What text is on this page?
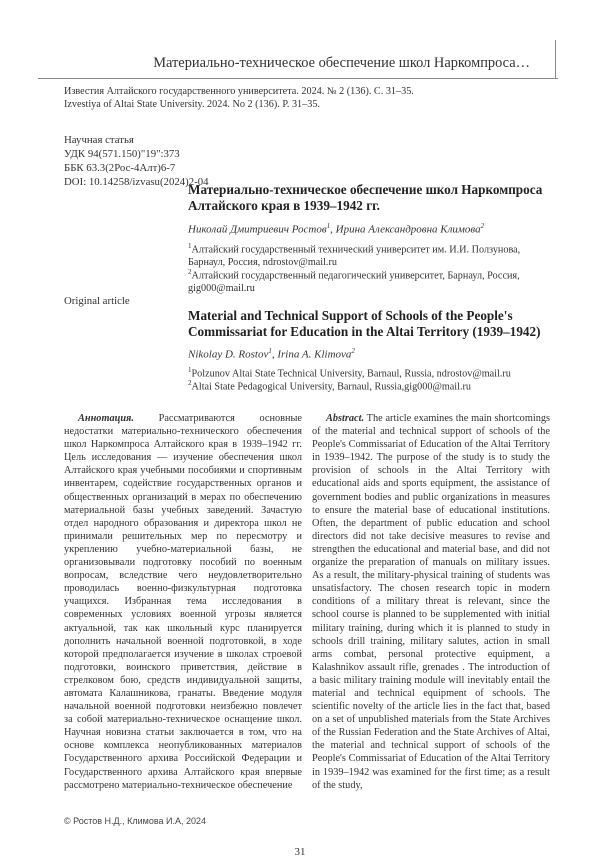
Материально-техническое обеспечение школ Наркомпроса…
Известия Алтайского государственного университета. 2024. № 2 (136). С. 31–35.
Izvestiya of Altai State University. 2024. No 2 (136). P. 31–35.
Научная статья
УДК 94(571.150)"19":373
ББК 63.3(2Рос-4Алт)6-7
DOI: 10.14258/izvasu(2024)2-04
Материально-техническое обеспечение школ Наркомпроса Алтайского края в 1939–1942 гг.
Николай Дмитриевич Ростов$^1$, Ирина Александровна Климова$^2$
$^1$Алтайский государственный технический университет им. И.И. Ползунова, Барнаул, Россия, ndrostov@mail.ru
$^2$Алтайский государственный педагогический университет, Барнаул, Россия, gig000@mail.ru
Original article
Material and Technical Support of Schools of the People's Commissariat for Education in the Altai Territory (1939–1942)
Nikolay D. Rostov$^1$, Irina A. Klimova$^2$
$^1$Polzunov Altai State Technical University, Barnaul, Russia, ndrostov@mail.ru
$^2$Altai State Pedagogical University, Barnaul, Russia,gig000@mail.ru
Аннотация. Рассматриваются основные недостатки материально-технического обеспечения школ Наркомпроса Алтайского края в 1939–1942 гг. Цель исследования — изучение обеспечения школ Алтайского края учебными пособиями и спортивным инвентарем, содействие государственных органов и общественных организаций в мерах по обеспечению материальной базы учебных заведений. Зачастую отдел народного образования и директора школ не принимали решительных мер по пересмотру и укреплению учебно-материальной базы, не организовывали подготовку пособий по военным вопросам, вследствие чего неудовлетворительно проводилась военно-физкультурная подготовка учащихся. Избранная тема исследования в современных условиях военной угрозы является актуальной, так как школьный курс планируется дополнить начальной военной подготовкой, в ходе которой предполагается изучение в школах строевой подготовки, воинского приветствия, действие в стрелковом бою, средств индивидуальной защиты, автомата Калашникова, гранаты. Введение модуля начальной военной подготовки неизбежно повлечет за собой материально-техническое оснащение школ. Научная новизна статьи заключается в том, что на основе комплекса неопубликованных материалов Государственного архива Российской Федерации и Государственного архива Алтайского края впервые рассмотрено материально-техническое обеспечение
Abstract. The article examines the main shortcomings of the material and technical support of schools of the People's Commissariat of Education of the Altai Territory in 1939–1942. The purpose of the study is to study the provision of schools in the Altai Territory with educational aids and sports equipment, the assistance of government bodies and public organizations in measures to ensure the material base of educational institutions. Often, the department of public education and school directors did not take decisive measures to revise and strengthen the educational and material base, and did not organize the preparation of manuals on military issues. As a result, the military-physical training of students was unsatisfactory. The chosen research topic in modern conditions of a military threat is relevant, since the school course is planned to be supplemented with initial military training, during which it is planned to study in schools drill training, military salutes, action in small arms combat, personal protective equipment, a Kalashnikov assault rifle, grenades . The introduction of a basic military training module will inevitably entail the material and technical equipment of schools. The scientific novelty of the article lies in the fact that, based on a set of unpublished materials from the State Archives of the Russian Federation and the State Archives of Altai, the material and technical support of schools of the People's Commissariat of Education of the Altai Territory in 1939–1942 was examined for the first time; as a result of the study,
© Ростов Н.Д., Климова И.А, 2024
31
